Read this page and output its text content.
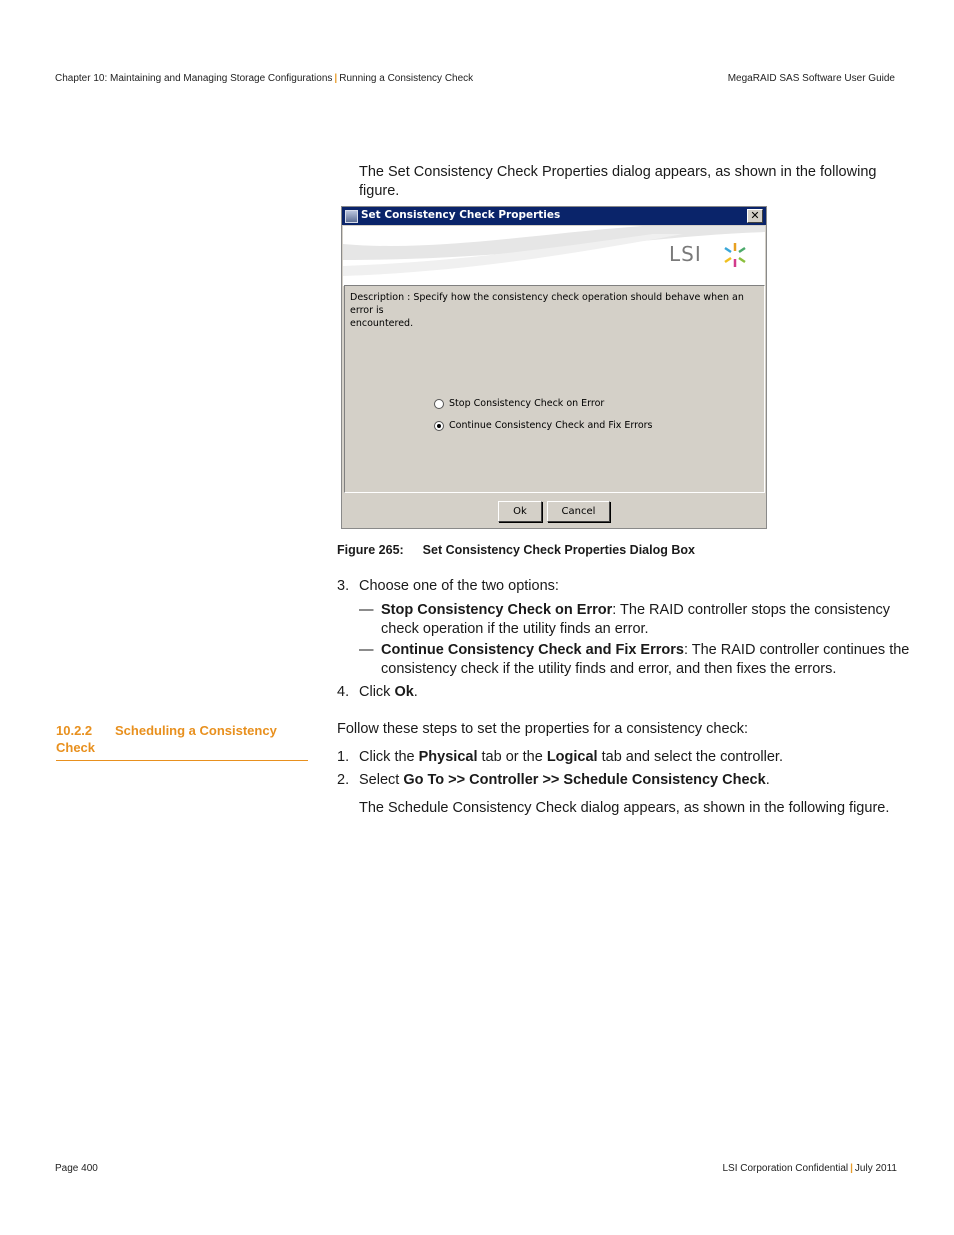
Chapter 10: Maintaining and Managing Storage Configurations | Running a Consistency Check	MegaRAID SAS Software User Guide
The Set Consistency Check Properties dialog appears, as shown in the following
figure.
Set Consistency Check Properties	✕
LSI
Description : Specify how the consistency check operation should behave when an error is
encountered.
Stop Consistency Check on Error
Continue Consistency Check and Fix Errors
Ok	Cancel
Figure 265: Set Consistency Check Properties Dialog Box
3. Choose one of the two options:
— Stop Consistency Check on Error: The RAID controller stops the consistency
check operation if the utility finds an error.
— Continue Consistency Check and Fix Errors: The RAID controller continues the
consistency check if the utility finds and error, and then fixes the errors.
4. Click Ok.
10.2.2 Scheduling a Consistency
Check
Follow these steps to set the properties for a consistency check:
1. Click the Physical tab or the Logical tab and select the controller.
2. Select Go To >> Controller >> Schedule Consistency Check.
The Schedule Consistency Check dialog appears, as shown in the following figure.
Page 400	LSI Corporation Confidential | July 2011
